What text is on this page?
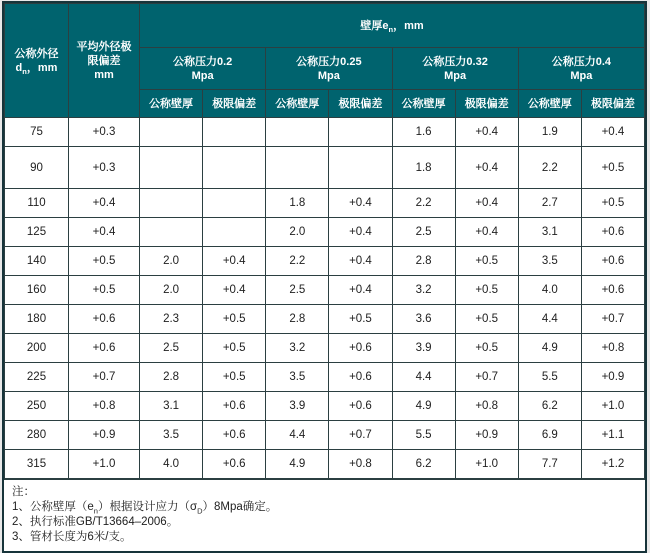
公称外径
$d_n$，mm

平均外径极
限偏差
mm
	壁厚$e_n$，mm

公称压力0.2
Mpa

公称压力0.25
Mpa

公称压力0.32
Mpa

公称压力0.4
Mpa

		公称壁厚	极限偏差	公称壁厚	极限偏差	公称壁厚	极限偏差	公称壁厚	极限偏差
75	+0.3					1.6	+0.4	1.9	+0.4
90	+0.3					1.8	+0.4	2.2	+0.5
110	+0.4			1.8	+0.4	2.2	+0.4	2.7	+0.5
125	+0.4			2.0	+0.4	2.5	+0.4	3.1	+0.6
140	+0.5	2.0	+0.4	2.2	+0.4	2.8	+0.5	3.5	+0.6
160	+0.5	2.0	+0.4	2.5	+0.4	3.2	+0.5	4.0	+0.6
180	+0.6	2.3	+0.5	2.8	+0.5	3.6	+0.5	4.4	+0.7
200	+0.6	2.5	+0.5	3.2	+0.6	3.9	+0.5	4.9	+0.8
225	+0.7	2.8	+0.5	3.5	+0.6	4.4	+0.7	5.5	+0.9
250	+0.8	3.1	+0.6	3.9	+0.6	4.9	+0.8	6.2	+1.0
280	+0.9	3.5	+0.6	4.4	+0.7	5.5	+0.9	6.9	+1.1
315	+1.0	4.0	+0.6	4.9	+0.8	6.2	+1.0	7.7	+1.2
注：
1、公称壁厚$(e_n)$根据设计应力$(\sigma_D)8Mpa$确定。
2、执行标准GB/T13664–2006。
3、管材长度为6米/支。
